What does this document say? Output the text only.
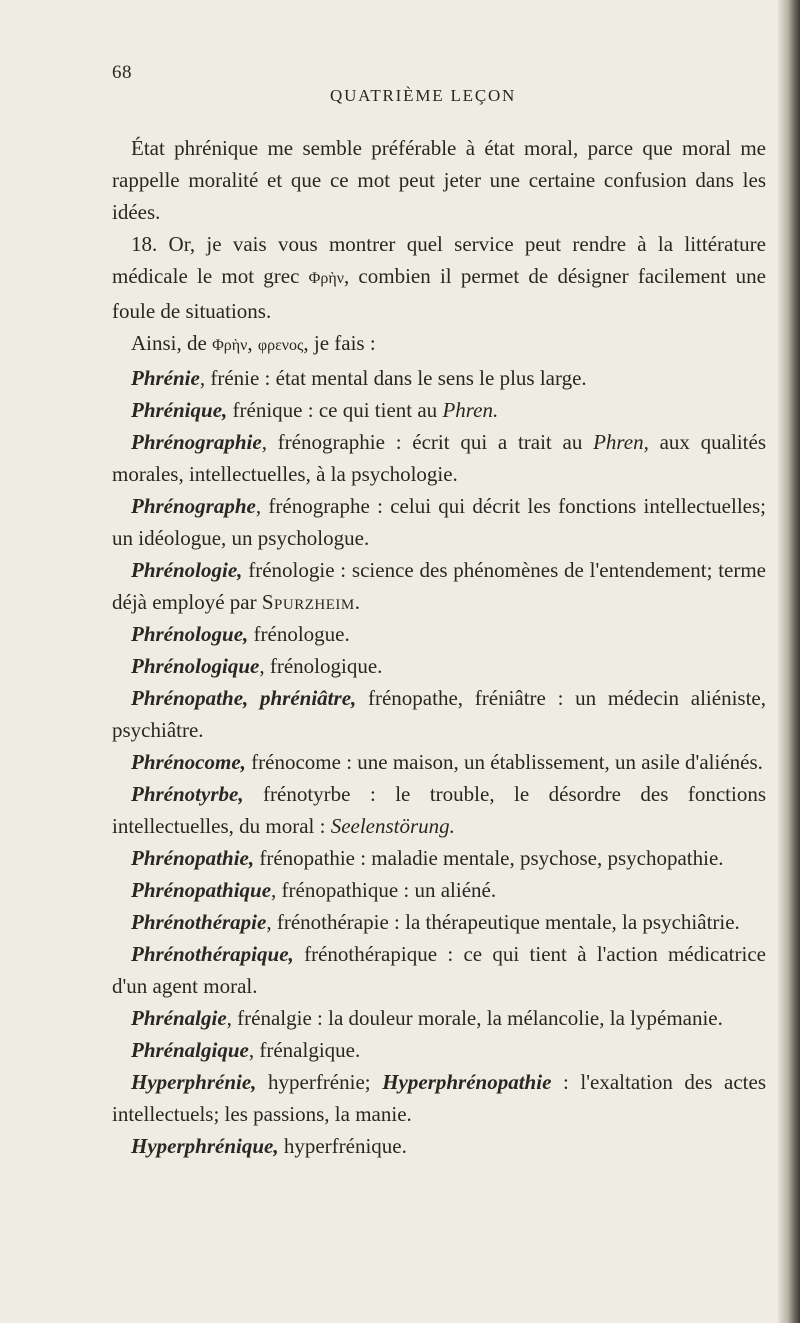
68
QUATRIÈME LEÇON

État phrénique me semble préférable à état moral, parce que moral me rappelle moralité et que ce mot peut jeter une certaine confusion dans les idées.

18. Or, je vais vous montrer quel service peut rendre à la littérature médicale le mot grec Φρὴν, combien il permet de désigner facilement une foule de situations.

Ainsi, de Φρὴν, φρενος, je fais :

Phrénie, frénie : état mental dans le sens le plus large.

Phrénique, frénique : ce qui tient au Phren.

Phrénographie, frénographie : écrit qui a trait au Phren, aux qualités morales, intellectuelles, à la psychologie.

Phrénographe, frénographe : celui qui décrit les fonctions intellectuelles; un idéologue, un psychologue.

Phrénologie, frénologie : science des phénomènes de l'entendement; terme déjà employé par Spurzheim.

Phrénologue, frénologue.

Phrénologique, frénologique.

Phrénopathe, phréniâtre, frénopathe, fréniâtre : un médecin aliéniste, psychiâtre.

Phrénocome, frénocome : une maison, un établissement, un asile d'aliénés.

Phrénotyrbe, frénotyrbe : le trouble, le désordre des fonctions intellectuelles, du moral : Seelenstörung.

Phrénopathie, frénopathie : maladie mentale, psychose, psychopathie.

Phrénopathique, frénopathique : un aliéné.

Phrénothérapie, frénothérapie : la thérapeutique mentale, la psychiâtrie.

Phrénothérapique, frénothérapique : ce qui tient à l'action médicatrice d'un agent moral.

Phrénalgie, frénalgie : la douleur morale, la mélancolie, la lypémanie.

Phrénalgique, frénalgique.

Hyperphrénie, hyperfrénie; Hyperphrénopathie : l'exaltation des actes intellectuels; les passions, la manie.

Hyperphrénique, hyperfrénique.
